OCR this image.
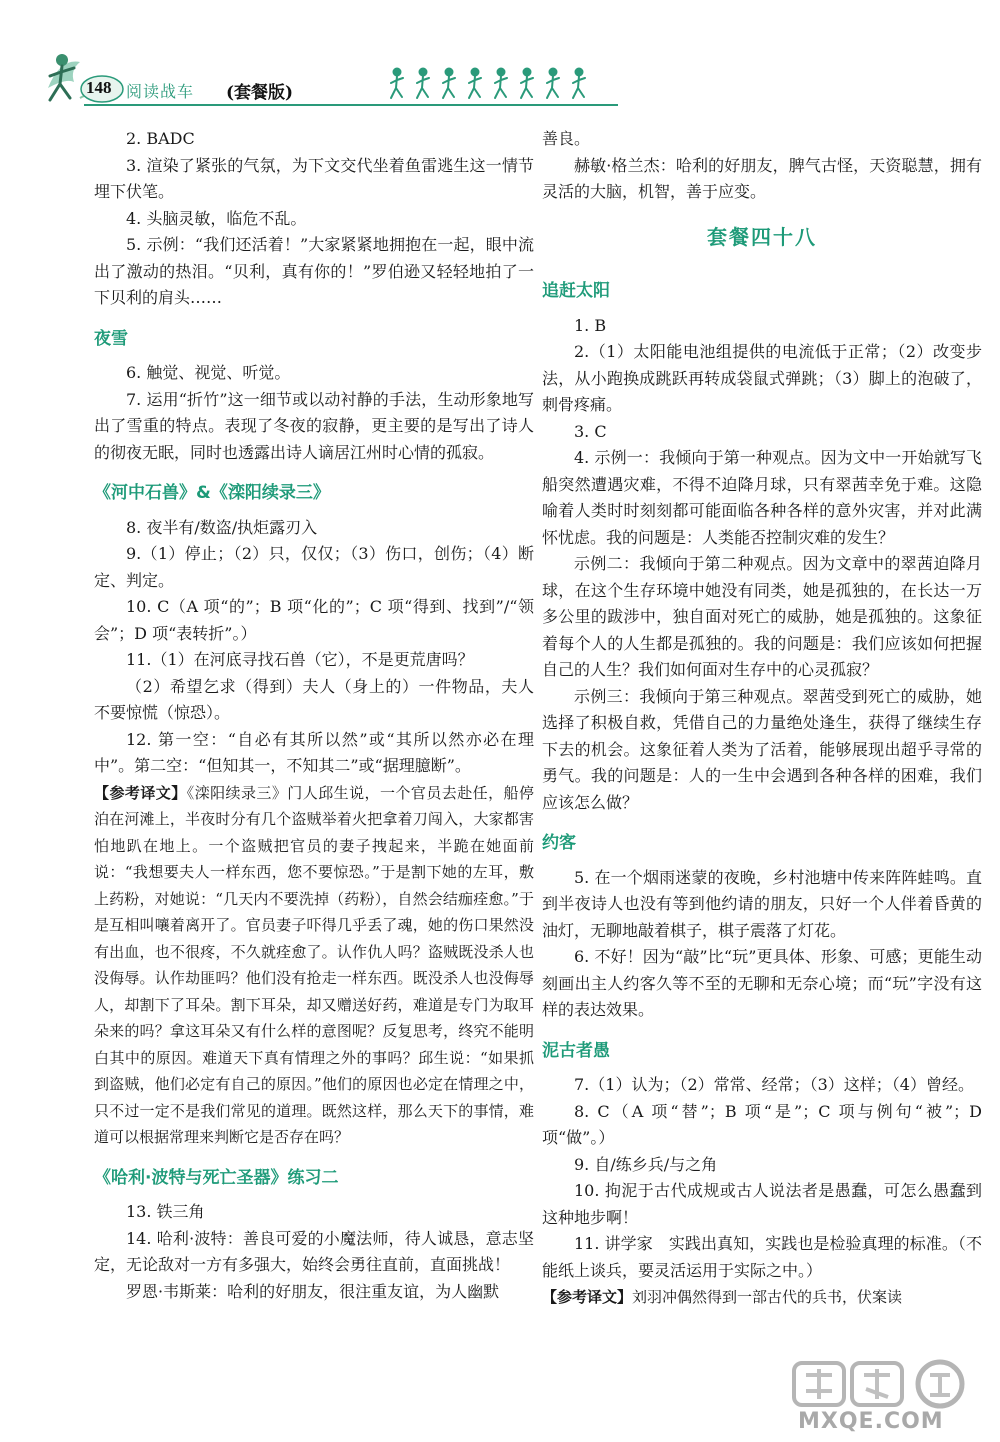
148 阅读战车 (套餐版)

2. BADC

3. 渲染了紧张的气氛，为下文交代坐着鱼雷逃生这一情节埋下伏笔。

4. 头脑灵敏，临危不乱。

5. 示例：“我们还活着！”大家紧紧地拥抱在一起，眼中流出了激动的热泪。“贝利，真有你的！”罗伯逊又轻轻地拍了一下贝利的肩头……

夜雪

6. 触觉、视觉、听觉。

7. 运用“折竹”这一细节或以动衬静的手法，生动形象地写出了雪重的特点。表现了冬夜的寂静，更主要的是写出了诗人的彻夜无眠，同时也透露出诗人谪居江州时心情的孤寂。

《河中石兽》&《滦阳续录三》

8. 夜半有/数盗/执炬露刃入

9.（1）停止；（2）只，仅仅；（3）伤口，创伤；（4）断定、判定。

10. C（A 项“的”；B 项“化的”；C 项“得到、找到”/“领会”；D 项“表转折”。）

11.（1）在河底寻找石兽（它），不是更荒唐吗？

（2）希望乞求（得到）夫人（身上的）一件物品，夫人不要惊慌（惊恐）。

12. 第一空：“自必有其所以然”或“其所以然亦必在理中”。第二空：“但知其一，不知其二”或“据理臆断”。

【参考译文】《滦阳续录三》门人邱生说，一个官员去赴任，船停泊在河滩上，半夜时分有几个盗贼举着火把拿着刀闯入，大家都害怕地趴在地上。一个盗贼把官员的妻子拽起来，半跪在她面前说：“我想要夫人一样东西，您不要惊恐。”于是割下她的左耳，敷上药粉，对她说：“几天内不要洗掉（药粉），自然会结痂痊愈。”于是互相叫嚷着离开了。官员妻子吓得几乎丢了魂，她的伤口果然没有出血，也不很疼，不久就痊愈了。认作仇人吗？盗贼既没杀人也没侮辱。认作劫匪吗？他们没有抢走一样东西。既没杀人也没侮辱人，却割下了耳朵。割下耳朵，却又赠送好药，难道是专门为取耳朵来的吗？拿这耳朵又有什么样的意图呢？反复思考，终究不能明白其中的原因。难道天下真有情理之外的事吗？邱生说：“如果抓到盗贼，他们必定有自己的原因。”他们的原因也必定在情理之中，只不过一定不是我们常见的道理。既然这样，那么天下的事情，难道可以根据常理来判断它是否存在吗？

《哈利·波特与死亡圣器》练习二

13. 铁三角

14. 哈利·波特：善良可爱的小魔法师，待人诚恳，意志坚定，无论敌对一方有多强大，始终会勇往直前，直面挑战！

罗恩·韦斯莱：哈利的好朋友，很注重友谊，为人幽默

善良。

赫敏·格兰杰：哈利的好朋友，脾气古怪，天资聪慧，拥有灵活的大脑，机智，善于应变。

套餐四十八
追赶太阳

1. B

2.（1）太阳能电池组提供的电流低于正常；（2）改变步法，从小跑换成跳跃再转成袋鼠式弹跳；（3）脚上的泡破了，刺骨疼痛。

3. C

4. 示例一：我倾向于第一种观点。因为文中一开始就写飞船突然遭遇灾难，不得不迫降月球，只有翠茜幸免于难。这隐喻着人类时时刻刻都可能面临各种各样的意外灾害，并对此满怀忧虑。我的问题是：人类能否控制灾难的发生？

示例二：我倾向于第二种观点。因为文章中的翠茜迫降月球，在这个生存环境中她没有同类，她是孤独的，在长达一万多公里的跋涉中，独自面对死亡的威胁，她是孤独的。这象征着每个人的人生都是孤独的。我的问题是：我们应该如何把握自己的人生？我们如何面对生存中的心灵孤寂？

示例三：我倾向于第三种观点。翠茜受到死亡的威胁，她选择了积极自救，凭借自己的力量绝处逢生，获得了继续生存下去的机会。这象征着人类为了活着，能够展现出超乎寻常的勇气。我的问题是：人的一生中会遇到各种各样的困难，我们应该怎么做？

约客

5. 在一个烟雨迷蒙的夜晚，乡村池塘中传来阵阵蛙鸣。直到半夜诗人也没有等到他约请的朋友，只好一个人伴着昏黄的油灯，无聊地敲着棋子，棋子震落了灯花。

6. 不好！因为“敲”比“玩”更具体、形象、可感；更能生动刻画出主人约客久等不至的无聊和无奈心境；而“玩”字没有这样的表达效果。

泥古者愚

7.（1）认为；（2）常常、经常；（3）这样；（4）曾经。

8. C（A 项“替”；B 项“是”；C 项与例句“被”；D 项“做”。）

9. 自/练乡兵/与之角

10. 拘泥于古代成规或古人说法者是愚蠢，可怎么愚蠢到这种地步啊！

11. 讲学家　实践出真知，实践也是检验真理的标准。（不能纸上谈兵，要灵活运用于实际之中。）

【参考译文】刘羽冲偶然得到一部古代的兵书，伏案读

MXQE.COM
